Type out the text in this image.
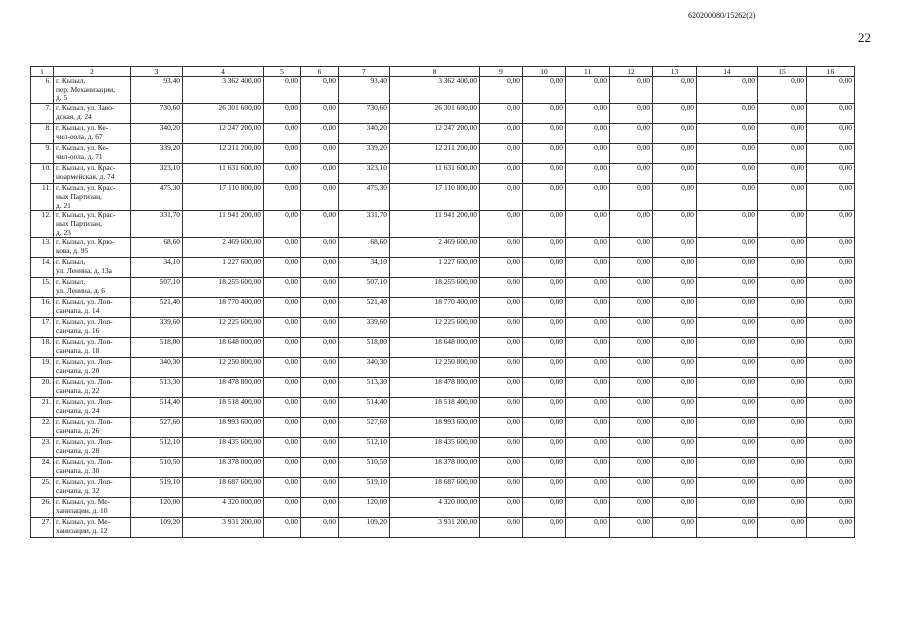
620200080/15262(2)
22
1	2	3	4	5	6	7	8	9	10	11	12	13	14	15	16
6.	г. Кызыл,
пер. Механизации,
д. 5	93,40	3 362 400,00	0,00	0,00	93,40	3 362 400,00	0,00	0,00	0,00	0,00	0,00	0,00	0,00	0,00
7.	г. Кызыл, ул. Заво-
дская, д. 24	730,60	26 301 600,00	0,00	0,00	730,60	26 301 600,00	0,00	0,00	0,00	0,00	0,00	0,00	0,00	0,00
8.	г. Кызыл, ул. Ке-
чил-оола, д. 67	340,20	12 247 200,00	0,00	0,00	340,20	12 247 200,00	0,00	0,00	0,00	0,00	0,00	0,00	0,00	0,00
9.	г. Кызыл, ул. Ке-
чил-оола, д. 71	339,20	12 211 200,00	0,00	0,00	339,20	12 211 200,00	0,00	0,00	0,00	0,00	0,00	0,00	0,00	0,00
10.	г. Кызыл, ул. Крас-
ноармейская, д. 74	323,10	11 631 600,00	0,00	0,00	323,10	11 631 600,00	0,00	0,00	0,00	0,00	0,00	0,00	0,00	0,00
11.	г. Кызыл, ул. Крас-
ных Партизан,
д. 21	475,30	17 110 800,00	0,00	0,00	475,30	17 110 800,00	0,00	0,00	0,00	0,00	0,00	0,00	0,00	0,00
12.	г. Кызыл, ул. Крас-
ных Партизан,
д. 23	331,70	11 941 200,00	0,00	0,00	331,70	11 941 200,00	0,00	0,00	0,00	0,00	0,00	0,00	0,00	0,00
13.	г. Кызыл, ул. Крю-
кова, д. 95	68,60	2 469 600,00	0,00	0,00	68,60	2 469 600,00	0,00	0,00	0,00	0,00	0,00	0,00	0,00	0,00
14.	г. Кызыл,
ул. Ленина, д. 13а	34,10	1 227 600,00	0,00	0,00	34,10	1 227 600,00	0,00	0,00	0,00	0,00	0,00	0,00	0,00	0,00
15.	г. Кызыл,
ул. Ленина, д. 6	507,10	18 255 600,00	0,00	0,00	507,10	18 255 600,00	0,00	0,00	0,00	0,00	0,00	0,00	0,00	0,00
16.	г. Кызыл, ул. Лоп-
санчапа, д. 14	521,40	18 770 400,00	0,00	0,00	521,40	18 770 400,00	0,00	0,00	0,00	0,00	0,00	0,00	0,00	0,00
17.	г. Кызыл, ул. Лоп-
санчапа, д. 16	339,60	12 225 600,00	0,00	0,00	339,60	12 225 600,00	0,00	0,00	0,00	0,00	0,00	0,00	0,00	0,00
18.	г. Кызыл, ул. Лоп-
санчапа, д. 18	518,00	18 648 000,00	0,00	0,00	518,00	18 648 000,00	0,00	0,00	0,00	0,00	0,00	0,00	0,00	0,00
19.	г. Кызыл, ул. Лоп-
санчапа, д. 20	340,30	12 250 800,00	0,00	0,00	340,30	12 250 800,00	0,00	0,00	0,00	0,00	0,00	0,00	0,00	0,00
20.	г. Кызыл, ул. Лоп-
санчапа, д. 22	513,30	18 478 800,00	0,00	0,00	513,30	18 478 800,00	0,00	0,00	0,00	0,00	0,00	0,00	0,00	0,00
21.	г. Кызыл, ул. Лоп-
санчапа, д. 24	514,40	18 518 400,00	0,00	0,00	514,40	18 518 400,00	0,00	0,00	0,00	0,00	0,00	0,00	0,00	0,00
22.	г. Кызыл, ул. Лоп-
санчапа, д. 26	527,60	18 993 600,00	0,00	0,00	527,60	18 993 600,00	0,00	0,00	0,00	0,00	0,00	0,00	0,00	0,00
23.	г. Кызыл, ул. Лоп-
санчапа, д. 28	512,10	18 435 600,00	0,00	0,00	512,10	18 435 600,00	0,00	0,00	0,00	0,00	0,00	0,00	0,00	0,00
24.	г. Кызыл, ул. Лоп-
санчапа, д. 30	510,50	18 378 000,00	0,00	0,00	510,50	18 378 000,00	0,00	0,00	0,00	0,00	0,00	0,00	0,00	0,00
25.	г. Кызыл, ул. Лоп-
санчапа, д. 32	519,10	18 687 600,00	0,00	0,00	519,10	18 687 600,00	0,00	0,00	0,00	0,00	0,00	0,00	0,00	0,00
26.	г. Кызыл, ул. Ме-
ханизации, д. 10	120,00	4 320 000,00	0,00	0,00	120,00	4 320 000,00	0,00	0,00	0,00	0,00	0,00	0,00	0,00	0,00
27.	г. Кызыл, ул. Ме-
ханизации, д. 12	109,20	3 931 200,00	0,00	0,00	109,20	3 931 200,00	0,00	0,00	0,00	0,00	0,00	0,00	0,00	0,00
